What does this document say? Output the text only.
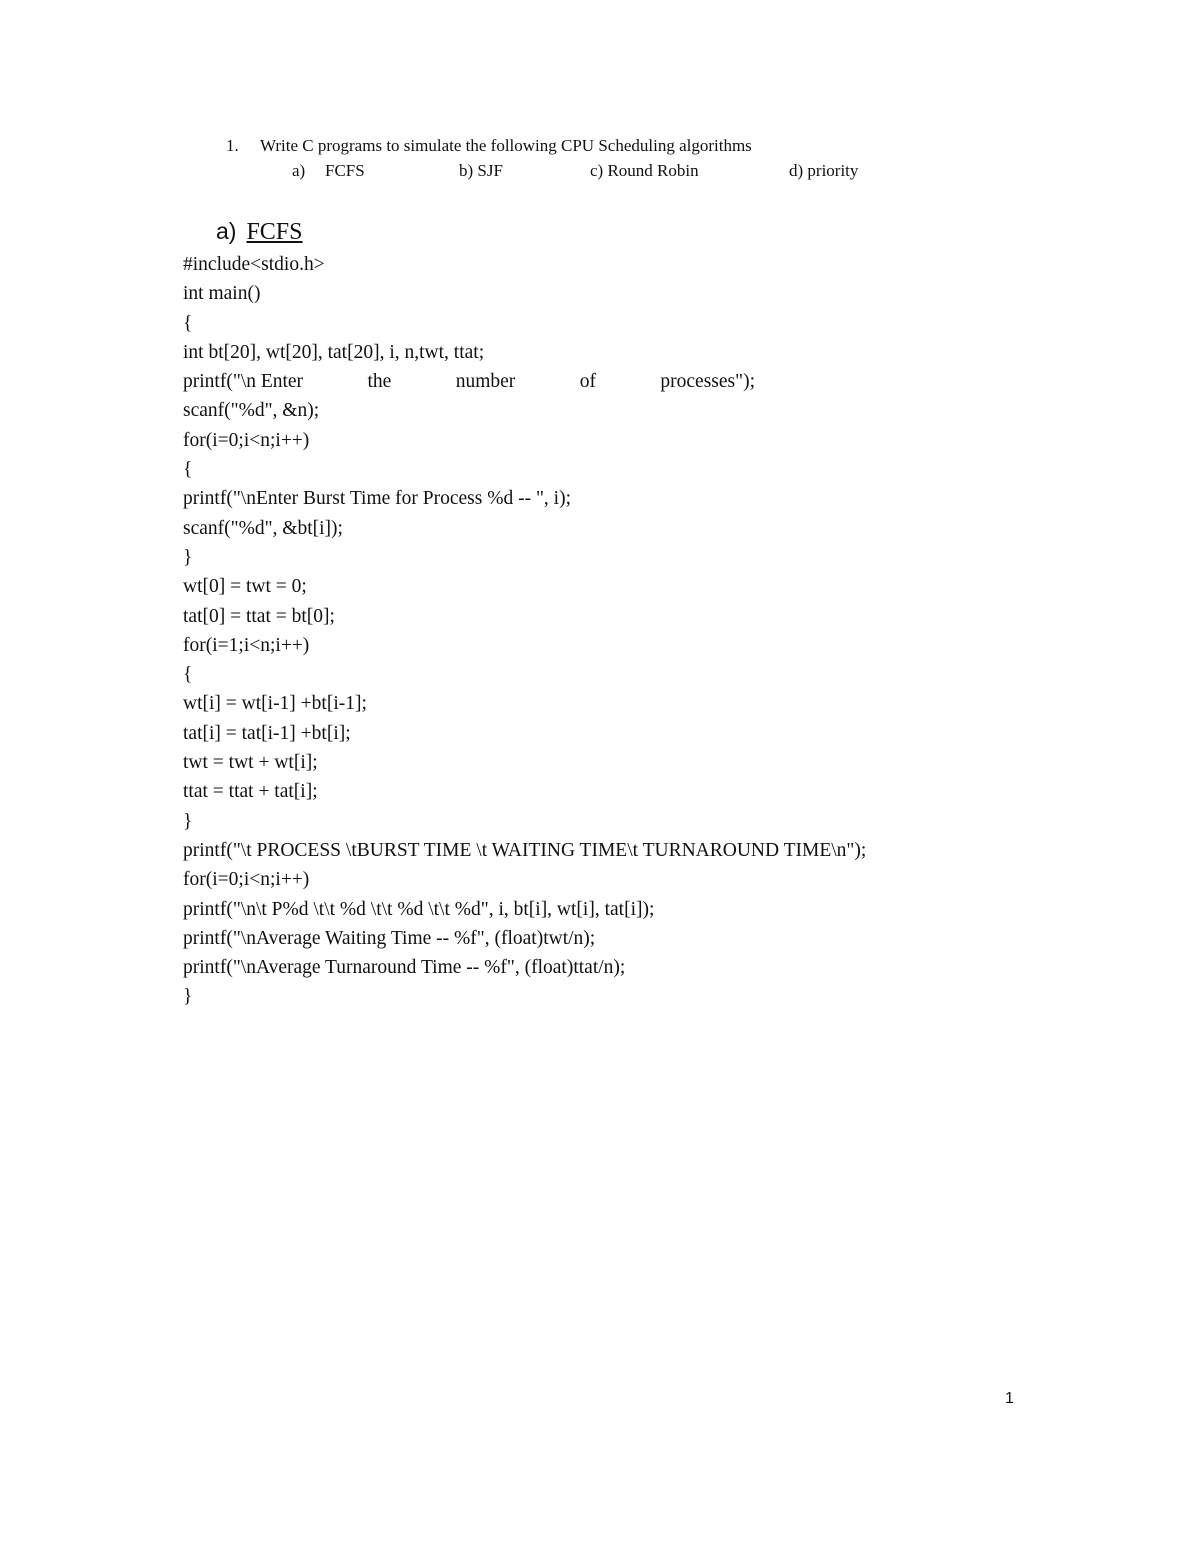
1. Write C programs to simulate the following CPU Scheduling algorithms
a) FCFS	b) SJF	c) Round Robin	d) priority
a) FCFS
#include<stdio.h>
int main()
{
int bt[20], wt[20], tat[20], i, n,twt, ttat;
printf("\n Enter	the	number	of	processes");
scanf("%d", &n);
for(i=0;i<n;i++)
{
printf("\nEnter Burst Time for Process %d -- ", i);
scanf("%d", &bt[i]);
}
wt[0] = twt = 0;
tat[0] = ttat = bt[0];
for(i=1;i<n;i++)
{
wt[i] = wt[i-1] +bt[i-1];
tat[i] = tat[i-1] +bt[i];
twt = twt + wt[i];
ttat = ttat + tat[i];
}
printf("\t PROCESS \tBURST TIME \t WAITING TIME\t TURNAROUND TIME\n");
for(i=0;i<n;i++)
printf("\n\t P%d \t\t %d \t\t %d \t\t %d", i, bt[i], wt[i], tat[i]);
printf("\nAverage Waiting Time -- %f", (float)twt/n);
printf("\nAverage Turnaround Time -- %f", (float)ttat/n);
}
1
